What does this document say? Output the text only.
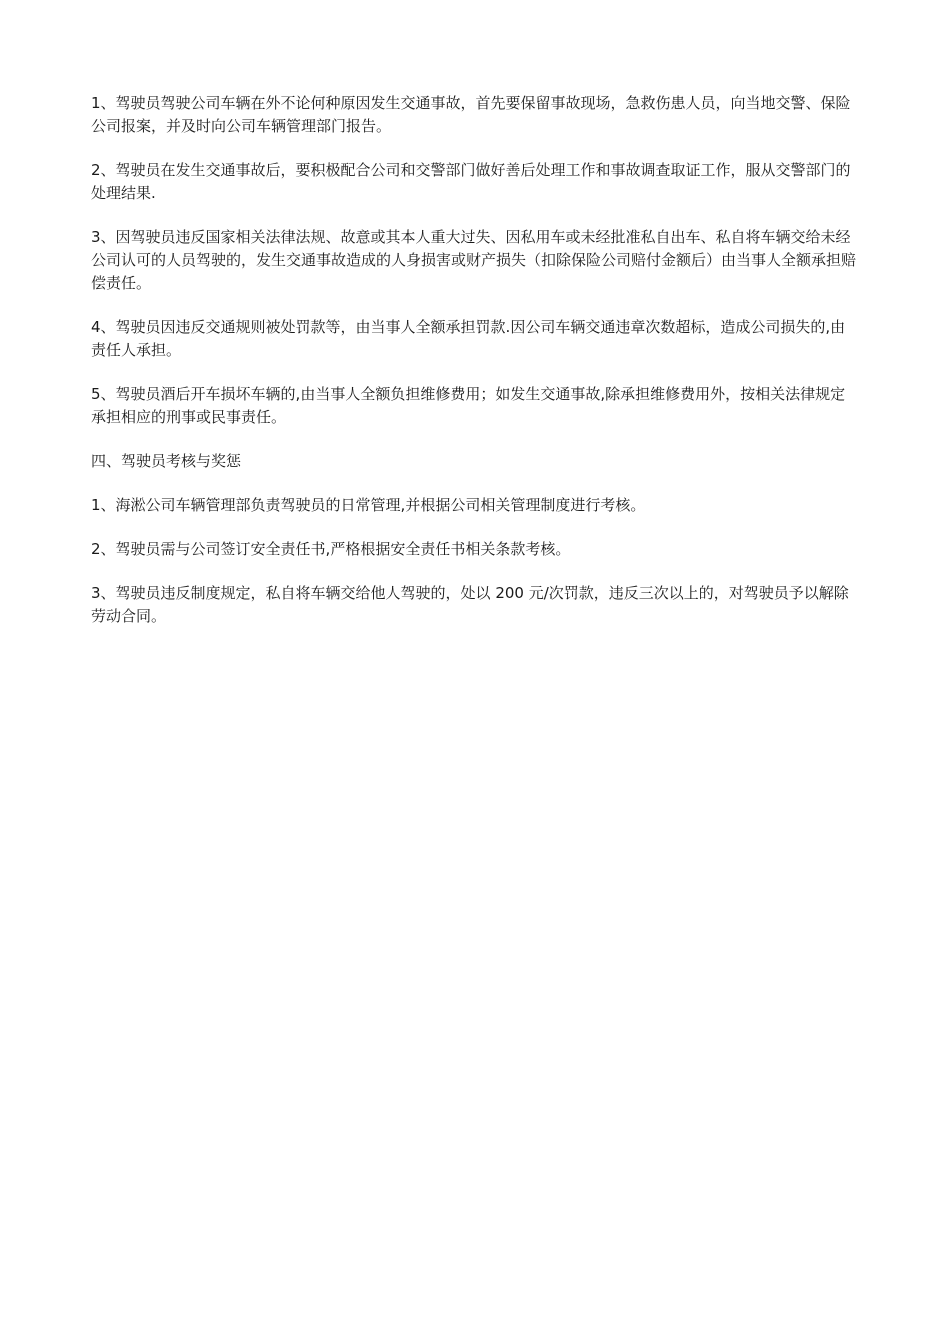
1、驾驶员驾驶公司车辆在外不论何种原因发生交通事故，首先要保留事故现场，急救伤患人员，向当地交警、保险公司报案，并及时向公司车辆管理部门报告。

2、驾驶员在发生交通事故后，要积极配合公司和交警部门做好善后处理工作和事故调查取证工作，服从交警部门的处理结果.

3、因驾驶员违反国家相关法律法规、故意或其本人重大过失、因私用车或未经批准私自出车、私自将车辆交给未经公司认可的人员驾驶的，发生交通事故造成的人身损害或财产损失（扣除保险公司赔付金额后）由当事人全额承担赔偿责任。

4、驾驶员因违反交通规则被处罚款等，由当事人全额承担罚款.因公司车辆交通违章次数超标，造成公司损失的,由责任人承担。

5、驾驶员酒后开车损坏车辆的,由当事人全额负担维修费用；如发生交通事故,除承担维修费用外，按相关法律规定承担相应的刑事或民事责任。

四、驾驶员考核与奖惩

1、海淞公司车辆管理部负责驾驶员的日常管理,并根据公司相关管理制度进行考核。

2、驾驶员需与公司签订安全责任书,严格根据安全责任书相关条款考核。

3、驾驶员违反制度规定，私自将车辆交给他人驾驶的，处以 200 元/次罚款，违反三次以上的，对驾驶员予以解除劳动合同。
